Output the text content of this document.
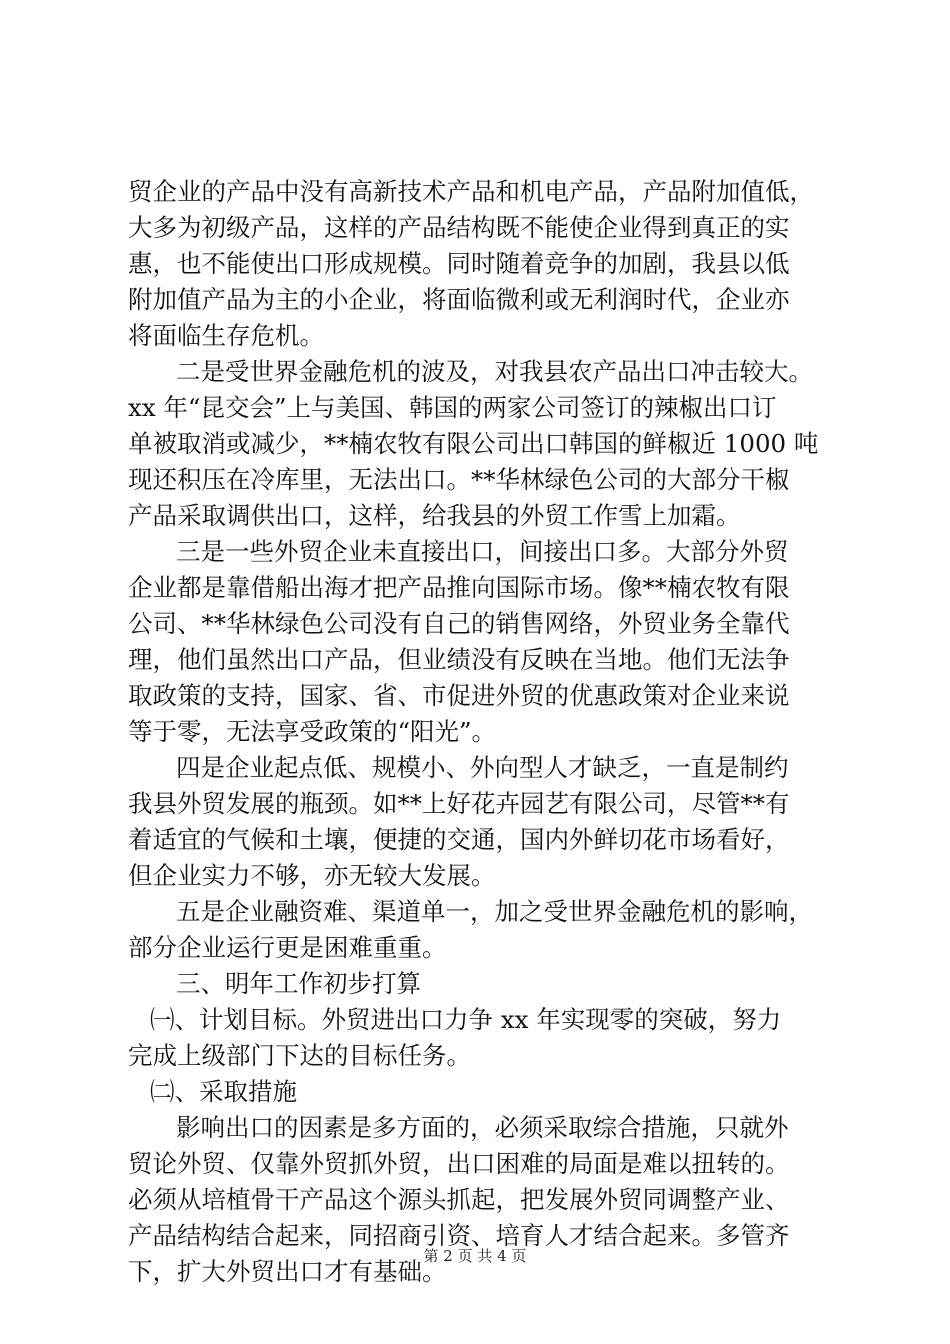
贸企业的产品中没有高新技术产品和机电产品，产品附加值低，
大多为初级产品，这样的产品结构既不能使企业得到真正的实
惠，也不能使出口形成规模。同时随着竞争的加剧，我县以低
附加值产品为主的小企业，将面临微利或无利润时代，企业亦
将面临生存危机。
二是受世界金融危机的波及，对我县农产品出口冲击较大。
xx 年“昆交会”上与美国、韩国的两家公司签订的辣椒出口订
单被取消或减少，**楠农牧有限公司出口韩国的鲜椒近 1000 吨
现还积压在冷库里，无法出口。**华林绿色公司的大部分干椒
产品采取调供出口，这样，给我县的外贸工作雪上加霜。
三是一些外贸企业未直接出口，间接出口多。大部分外贸
企业都是靠借船出海才把产品推向国际市场。像**楠农牧有限
公司、**华林绿色公司没有自己的销售网络，外贸业务全靠代
理，他们虽然出口产品，但业绩没有反映在当地。他们无法争
取政策的支持，国家、省、市促进外贸的优惠政策对企业来说
等于零，无法享受政策的“阳光”。
四是企业起点低、规模小、外向型人才缺乏，一直是制约
我县外贸发展的瓶颈。如**上好花卉园艺有限公司，尽管**有
着适宜的气候和土壤，便捷的交通，国内外鲜切花市场看好，
但企业实力不够，亦无较大发展。
五是企业融资难、渠道单一，加之受世界金融危机的影响，
部分企业运行更是困难重重。
三、明年工作初步打算
㈠、计划目标。外贸进出口力争 xx 年实现零的突破，努力
完成上级部门下达的目标任务。
㈡、采取措施
影响出口的因素是多方面的，必须采取综合措施，只就外
贸论外贸、仅靠外贸抓外贸，出口困难的局面是难以扭转的。
必须从培植骨干产品这个源头抓起，把发展外贸同调整产业、
产品结构结合起来，同招商引资、培育人才结合起来。多管齐
下，扩大外贸出口才有基础。
第 2 页 共 4 页
